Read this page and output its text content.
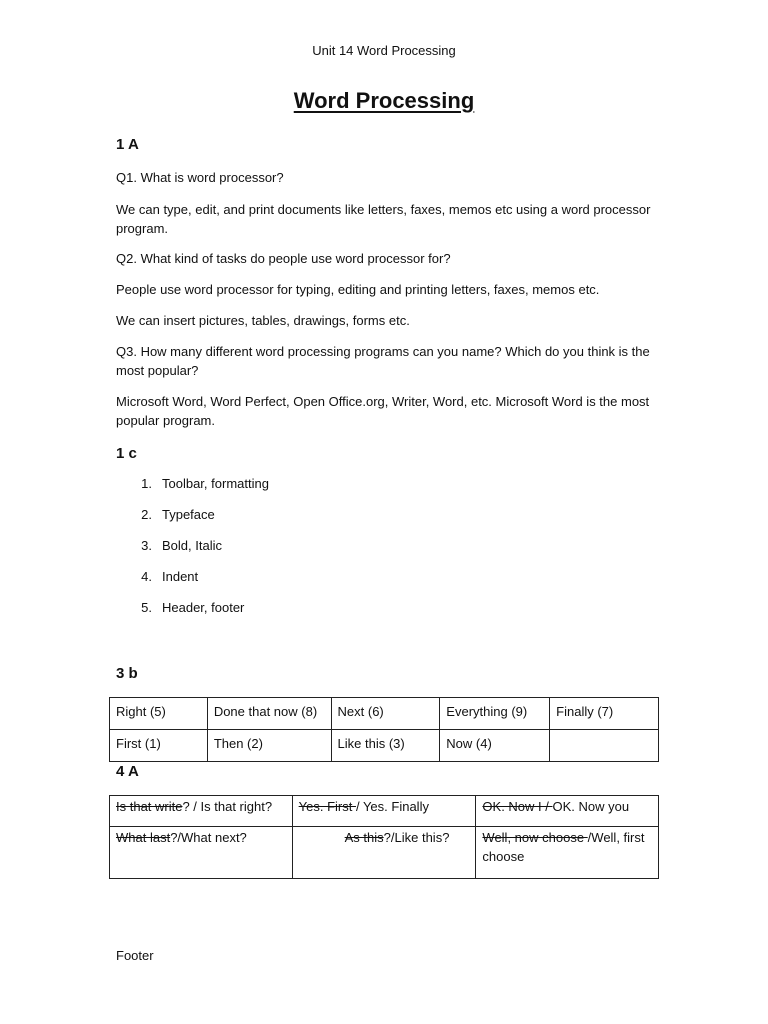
Unit 14 Word Processing
Word Processing
1 A
Q1. What is word processor?
We can type, edit, and print documents like letters, faxes, memos etc using a word processor program.
Q2. What kind of tasks do people use word processor for?
People use word processor for typing, editing and printing letters, faxes, memos etc.
We can insert pictures, tables, drawings, forms etc.
Q3. How many different word processing programs can you name? Which do you think is the most popular?
Microsoft Word, Word Perfect, Open Office.org, Writer, Word, etc. Microsoft Word is the most popular program.
1 c
1. Toolbar, formatting
2. Typeface
3. Bold, Italic
4. Indent
5. Header, footer
3 b
Right (5)	Done that now (8)	Next (6)	Everything (9)	Finally (7)
First (1)	Then (2)	Like this (3)	Now (4)	
4 A
Is that write? / Is that right?	Yes. First / Yes. Finally	OK. Now I / OK. Now you
What last?/What next?	As this?/Like this?	Well, now choose /Well, first choose
Footer
